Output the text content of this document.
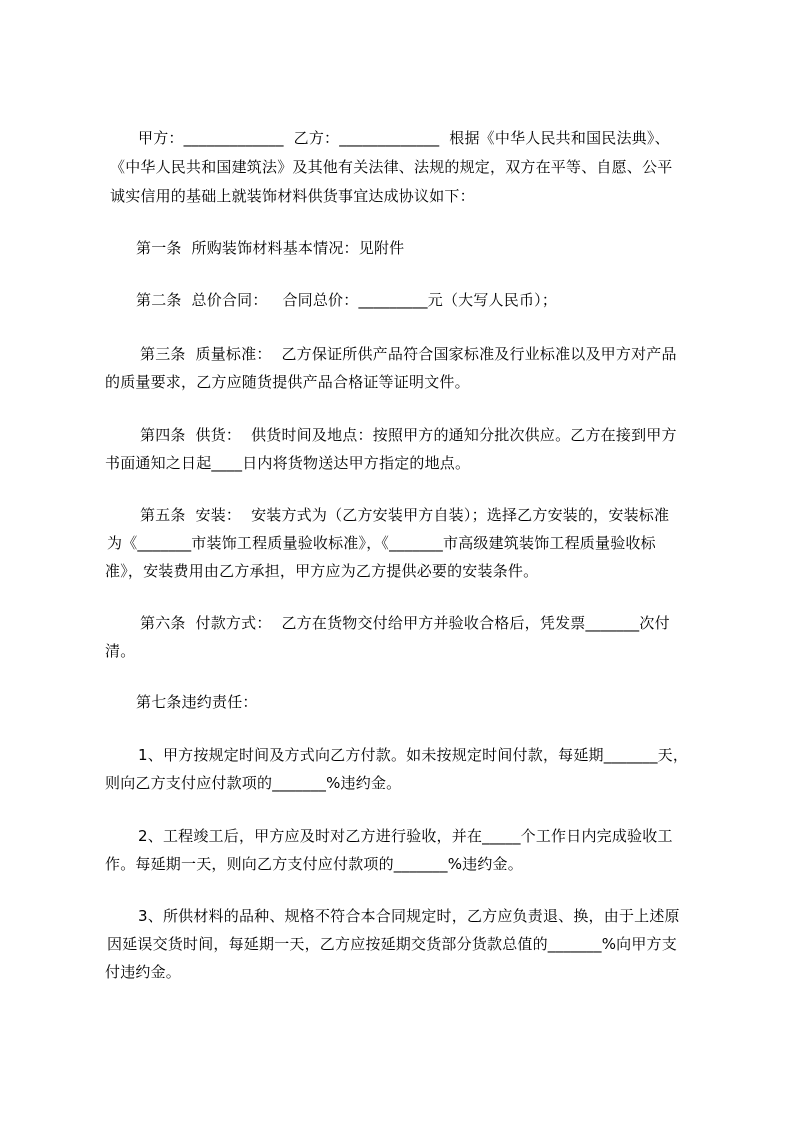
甲方：_____________  乙方：_____________  根据《中华人民共和国民法典》、
《中华人民共和国建筑法》及其他有关法律、法规的规定，双方在平等、自愿、公平
诚实信用的基础上就装饰材料供货事宜达成协议如下：
第一条  所购装饰材料基本情况：见附件
第二条  总价合同：   合同总价：_________元（大写人民币）；
第三条  质量标准：  乙方保证所供产品符合国家标准及行业标准以及甲方对产品
的质量要求，乙方应随货提供产品合格证等证明文件。
第四条  供货：  供货时间及地点：按照甲方的通知分批次供应。乙方在接到甲方
书面通知之日起____日内将货物送达甲方指定的地点。
第五条  安装：  安装方式为（乙方安装甲方自装）；选择乙方安装的，安装标准
为《_______市装饰工程质量验收标准》，《_______市高级建筑装饰工程质量验收标
准》，安装费用由乙方承担，甲方应为乙方提供必要的安装条件。
第六条  付款方式：  乙方在货物交付给甲方并验收合格后，凭发票_______次付
清。
第七条违约责任：
1、甲方按规定时间及方式向乙方付款。如未按规定时间付款，每延期_______天，
则向乙方支付应付款项的_______%违约金。
2、工程竣工后，甲方应及时对乙方进行验收，并在_____个工作日内完成验收工
作。每延期一天，则向乙方支付应付款项的_______%违约金。
3、所供材料的品种、规格不符合本合同规定时，乙方应负责退、换，由于上述原
因延误交货时间，每延期一天，乙方应按延期交货部分货款总值的_______%向甲方支
付违约金。
